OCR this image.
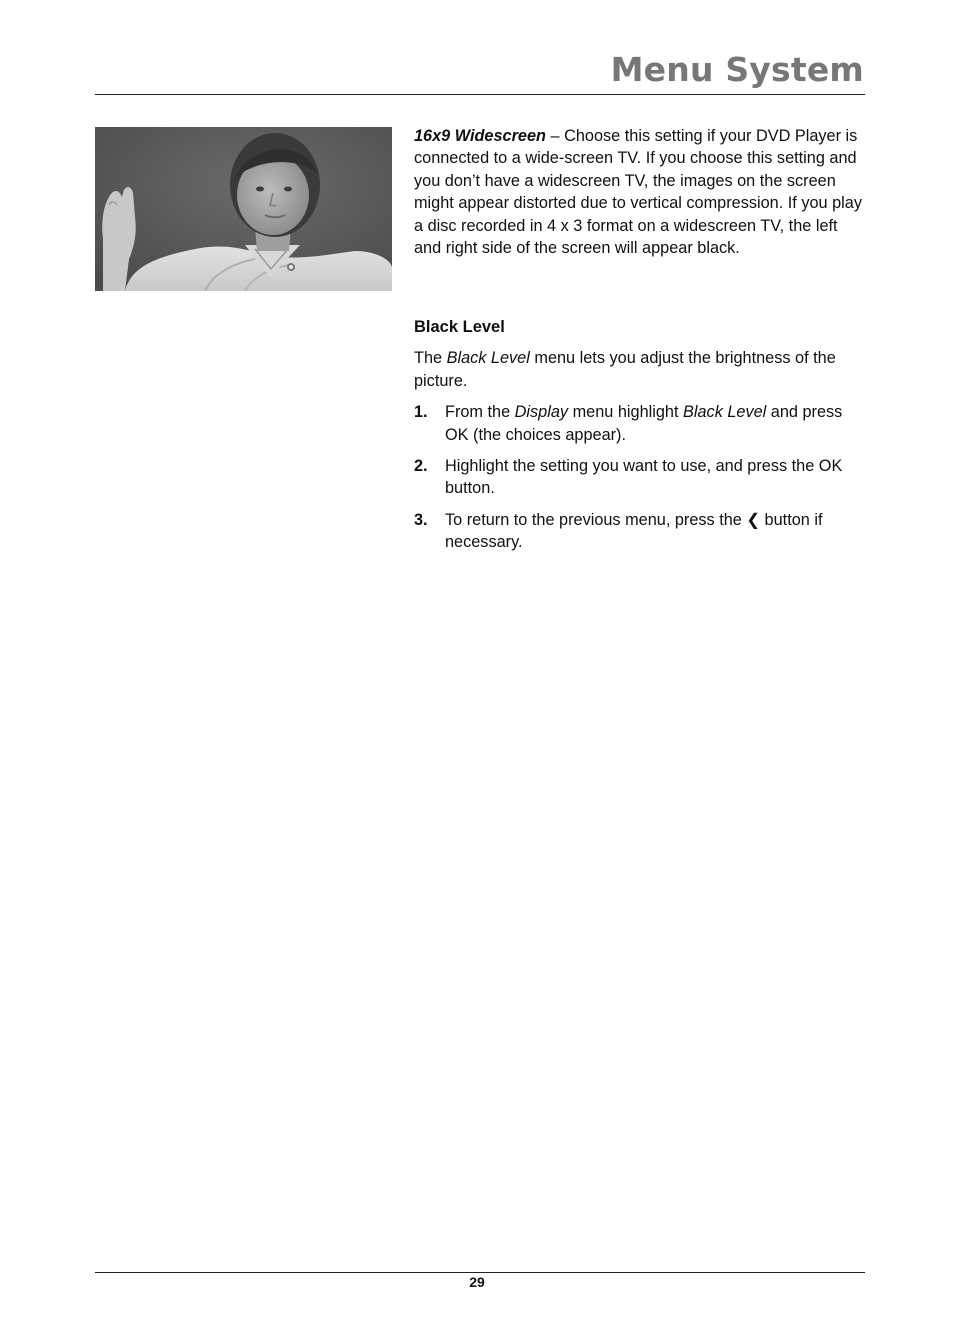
Menu System

16x9 Widescreen – Choose this setting if your DVD Player is connected to a wide-screen TV. If you choose this setting and you don’t have a widescreen TV, the images on the screen might appear distorted due to vertical compression. If you play a disc recorded in 4 x 3 format on a widescreen TV, the left and right side of the screen will appear black.

Black Level

The Black Level menu lets you adjust the brightness of the picture.

1. From the Display menu highlight Black Level and press OK (the choices appear).
2. Highlight the setting you want to use, and press the OK button.
3. To return to the previous menu, press the ❮ button if necessary.
29
